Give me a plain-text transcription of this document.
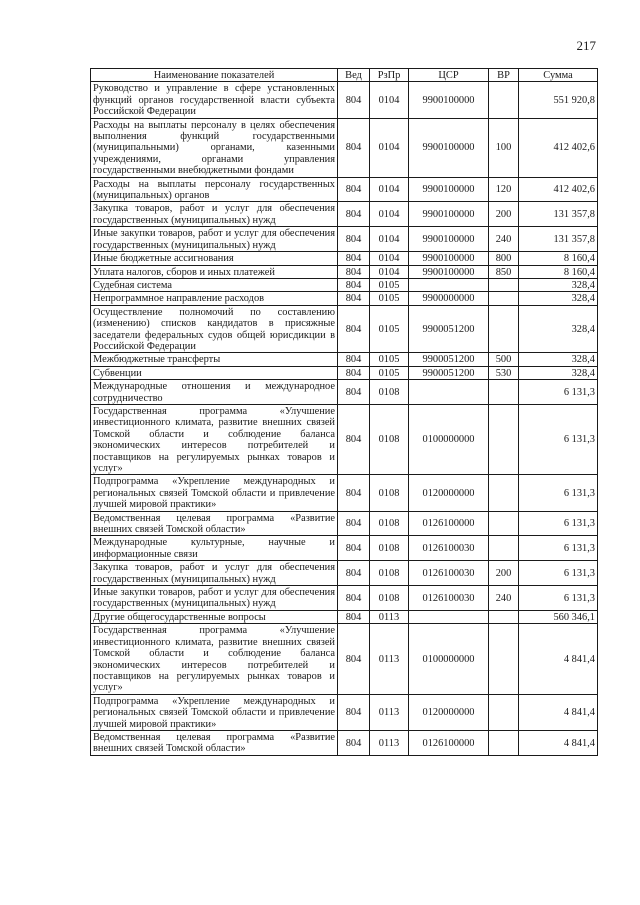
217
Наименование показателей	Вед	РзПр	ЦСР	ВР	Сумма
Руководство и управление в сфере установленных функций органов государственной власти субъекта Российской Федерации	804	0104	9900100000		551 920,8
Расходы на выплаты персоналу в целях обеспечения выполнения функций государственными (муниципальными) органами, казенными учреждениями, органами управления государственными внебюджетными фондами	804	0104	9900100000	100	412 402,6
Расходы на выплаты персоналу государственных (муниципальных) органов	804	0104	9900100000	120	412 402,6
Закупка товаров, работ и услуг для обеспечения государственных (муниципальных) нужд	804	0104	9900100000	200	131 357,8
Иные закупки товаров, работ и услуг для обеспечения государственных (муниципальных) нужд	804	0104	9900100000	240	131 357,8
Иные бюджетные ассигнования	804	0104	9900100000	800	8 160,4
Уплата налогов, сборов и иных платежей	804	0104	9900100000	850	8 160,4
Судебная система	804	0105			328,4
Непрограммное направление расходов	804	0105	9900000000		328,4
Осуществление полномочий по составлению (изменению) списков кандидатов в присяжные заседатели федеральных судов общей юрисдикции в Российской Федерации	804	0105	9900051200		328,4
Межбюджетные трансферты	804	0105	9900051200	500	328,4
Субвенции	804	0105	9900051200	530	328,4
Международные отношения и международное сотрудничество	804	0108			6 131,3
Государственная программа «Улучшение инвестиционного климата, развитие внешних связей Томской области и соблюдение баланса экономических интересов потребителей и поставщиков на регулируемых рынках товаров и услуг»	804	0108	0100000000		6 131,3
Подпрограмма «Укрепление международных и региональных связей Томской области и привлечение лучшей мировой практики»	804	0108	0120000000		6 131,3
Ведомственная целевая программа «Развитие внешних связей Томской области»	804	0108	0126100000		6 131,3
Международные культурные, научные и информационные связи	804	0108	0126100030		6 131,3
Закупка товаров, работ и услуг для обеспечения государственных (муниципальных) нужд	804	0108	0126100030	200	6 131,3
Иные закупки товаров, работ и услуг для обеспечения государственных (муниципальных) нужд	804	0108	0126100030	240	6 131,3
Другие общегосударственные вопросы	804	0113			560 346,1
Государственная программа «Улучшение инвестиционного климата, развитие внешних связей Томской области и соблюдение баланса экономических интересов потребителей и поставщиков на регулируемых рынках товаров и услуг»	804	0113	0100000000		4 841,4
Подпрограмма «Укрепление международных и региональных связей Томской области и привлечение лучшей мировой практики»	804	0113	0120000000		4 841,4
Ведомственная целевая программа «Развитие внешних связей Томской области»	804	0113	0126100000		4 841,4
